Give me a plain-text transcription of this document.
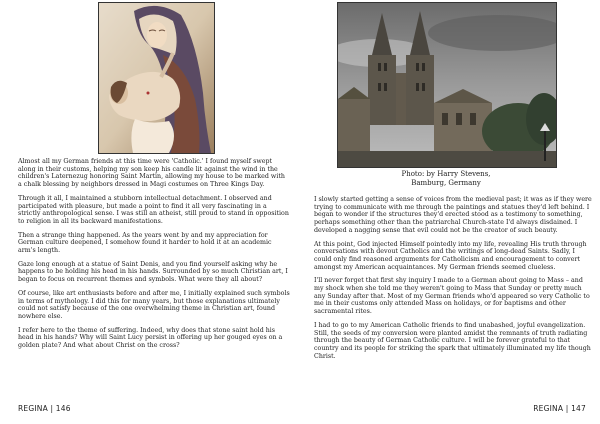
Almost all my German friends at this time were 'Catholic.' I found myself swept along in their customs, helping my son keep his candle lit against the wind in the children's Laternezug honoring Saint Martin, allowing my house to be marked with a chalk blessing by neighbors dressed in Magi costumes on Three Kings Day.

Through it all, I maintained a stubborn intellectual detachment. I observed and participated with pleasure, but made a point to find it all very fascinating in a strictly anthropological sense. I was still an atheist, still proud to stand in opposition to religion in all its backward manifestations.

Then a strange thing happened. As the years went by and my appreciation for German culture deepened, I somehow found it harder to hold it at an academic arm's length.

Gaze long enough at a statue of Saint Denis, and you find yourself asking why he happens to be holding his head in his hands. Surrounded by so much Christian art, I began to focus on recurrent themes and symbols. What were they all about?

Of course, like art enthusiasts before and after me, I initially explained such symbols in terms of mythology. I did this for many years, but those explanations ultimately could not satisfy because of the one overwhelming theme in Christian art, found nowhere else.

I refer here to the theme of suffering. Indeed, why does that stone saint hold his head in his hands? Why will Saint Lucy persist in offering up her gouged eyes on a golden plate? And what about Christ on the cross?

REGINA | 146
Photo: by Harry Stevens,
Bamburg, Germany

I slowly started getting a sense of voices from the medieval past; it was as if they were trying to communicate with me through the paintings and statues they'd left behind. I began to wonder if the structures they'd erected stood as a testimony to something, perhaps something other than the patriarchal Church-state I'd always disdained. I developed a nagging sense that evil could not be the creator of such beauty.

At this point, God injected Himself pointedly into my life, revealing His truth through conversations with devout Catholics and the writings of long-dead Saints. Sadly, I could only find reasoned arguments for Catholicism and encouragement to convert amongst my American acquaintances. My German friends seemed clueless.

I'll never forget that first shy inquiry I made to a German about going to Mass – and my shock when she told me they weren't going to Mass that Sunday or pretty much any Sunday after that. Most of my German friends who'd appeared so very Catholic to me in their customs only attended Mass on holidays, or for baptisms and other sacramental rites.

I had to go to my American Catholic friends to find unabashed, joyful evangelization. Still, the seeds of my conversion were planted amidst the remnants of truth radiating through the beauty of German Catholic culture. I will be forever grateful to that country and its people for striking the spark that ultimately illuminated my life though Christ.

REGINA | 147
